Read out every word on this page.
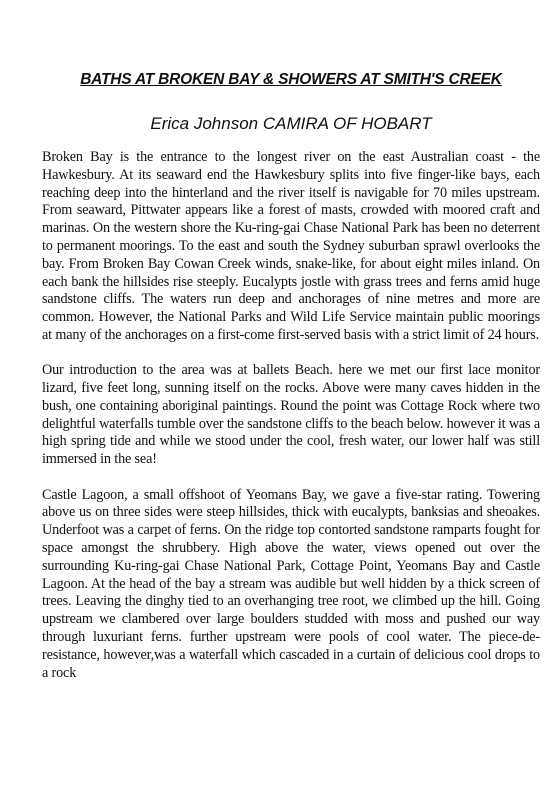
BATHS AT BROKEN BAY & SHOWERS AT SMITH'S CREEK

Erica Johnson CAMIRA OF HOBART

Broken Bay is the entrance to the longest river on the east Australian coast - the Hawkesbury. At its seaward end the Hawkesbury splits into five finger-like bays, each reaching deep into the hinterland and the river itself is navigable for 70 miles upstream. From seaward, Pittwater appears like a forest of masts, crowded with moored craft and marinas. On the western shore the Ku-ring-gai Chase National Park has been no deterrent to permanent moorings. To the east and south the Sydney suburban sprawl overlooks the bay. From Broken Bay Cowan Creek winds, snake-like, for about eight miles inland. On each bank the hillsides rise steeply. Eucalypts jostle with grass trees and ferns amid huge sandstone cliffs. The waters run deep and anchorages of nine metres and more are common. However, the National Parks and Wild Life Service maintain public moorings at many of the anchorages on a first-come first-served basis with a strict limit of 24 hours.

Our introduction to the area was at ballets Beach. here we met our first lace monitor lizard, five feet long, sunning itself on the rocks. Above were many caves hidden in the bush, one containing aboriginal paintings. Round the point was Cottage Rock where two delightful waterfalls tumble over the sandstone cliffs to the beach below. however it was a high spring tide and while we stood under the cool, fresh water, our lower half was still immersed in the sea!

Castle Lagoon, a small offshoot of Yeomans Bay, we gave a five-star rating. Towering above us on three sides were steep hillsides, thick with eucalypts, banksias and sheoakes. Underfoot was a carpet of ferns. On the ridge top contorted sandstone ramparts fought for space amongst the shrubbery. High above the water, views opened out over the surrounding Ku-ring-gai Chase National Park, Cottage Point, Yeomans Bay and Castle Lagoon. At the head of the bay a stream was audible but well hidden by a thick screen of trees. Leaving the dinghy tied to an overhanging tree root, we climbed up the hill. Going upstream we clambered over large boulders studded with moss and pushed our way through luxuriant ferns. further upstream were pools of cool water. The piece-de-resistance, however,was a waterfall which cascaded in a curtain of delicious cool drops to a rock
